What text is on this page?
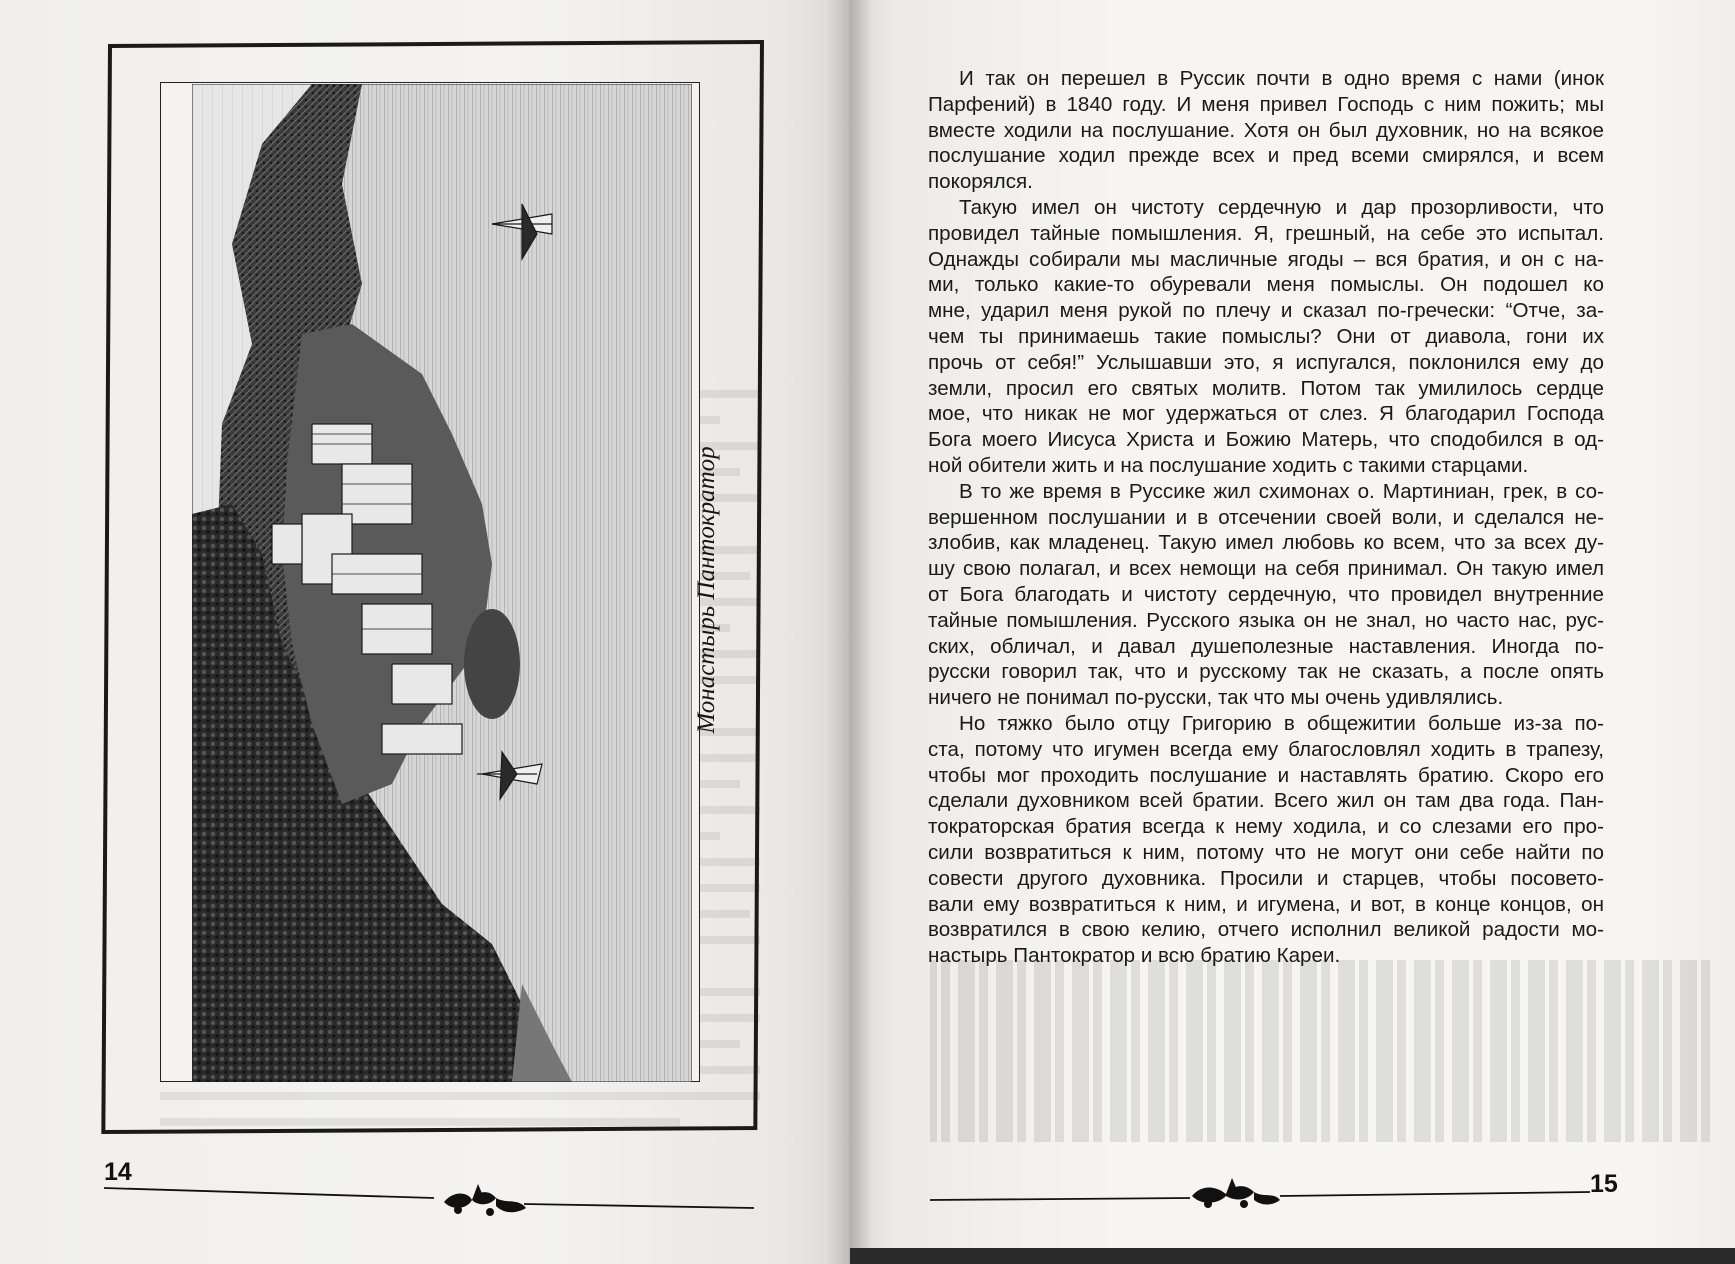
Монастырь Пантократор
14
И так он перешел в Руссик почти в одно время с нами (инок
Парфений) в 1840 году. И меня привел Господь с ним пожить; мы
вместе ходили на послушание. Хотя он был духовник, но на всякое
послушание ходил прежде всех и пред всеми смирялся, и всем
покорялся.
Такую имел он чистоту сердечную и дар прозорливости, что
провидел тайные помышления. Я, грешный, на себе это испытал.
Однажды собирали мы масличные ягоды – вся братия, и он с на-
ми, только какие-то обуревали меня помыслы. Он подошел ко
мне, ударил меня рукой по плечу и сказал по-гречески: “Отче, за-
чем ты принимаешь такие помыслы? Они от диавола, гони их
прочь от себя!” Услышавши это, я испугался, поклонился ему до
земли, просил его святых молитв. Потом так умилилось сердце
мое, что никак не мог удержаться от слез. Я благодарил Господа
Бога моего Иисуса Христа и Божию Матерь, что сподобился в од-
ной обители жить и на послушание ходить с такими старцами.
В то же время в Руссике жил схимонах о. Мартиниан, грек, в со-
вершенном послушании и в отсечении своей воли, и сделался не-
злобив, как младенец. Такую имел любовь ко всем, что за всех ду-
шу свою полагал, и всех немощи на себя принимал. Он такую имел
от Бога благодать и чистоту сердечную, что провидел внутренние
тайные помышления. Русского языка он не знал, но часто нас, рус-
ских, обличал, и давал душеполезные наставления. Иногда по-
русски говорил так, что и русскому так не сказать, а после опять
ничего не понимал по-русски, так что мы очень удивлялись.
Но тяжко было отцу Григорию в общежитии больше из-за по-
ста, потому что игумен всегда ему благословлял ходить в трапезу,
чтобы мог проходить послушание и наставлять братию. Скоро его
сделали духовником всей братии. Всего жил он там два года. Пан-
тократорская братия всегда к нему ходила, и со слезами его про-
сили возвратиться к ним, потому что не могут они себе найти по
совести другого духовника. Просили и старцев, чтобы посовето-
вали ему возвратиться к ним, и игумена, и вот, в конце концов, он
возвратился в свою келию, отчего исполнил великой радости мо-
настырь Пантократор и всю братию Кареи.
15
